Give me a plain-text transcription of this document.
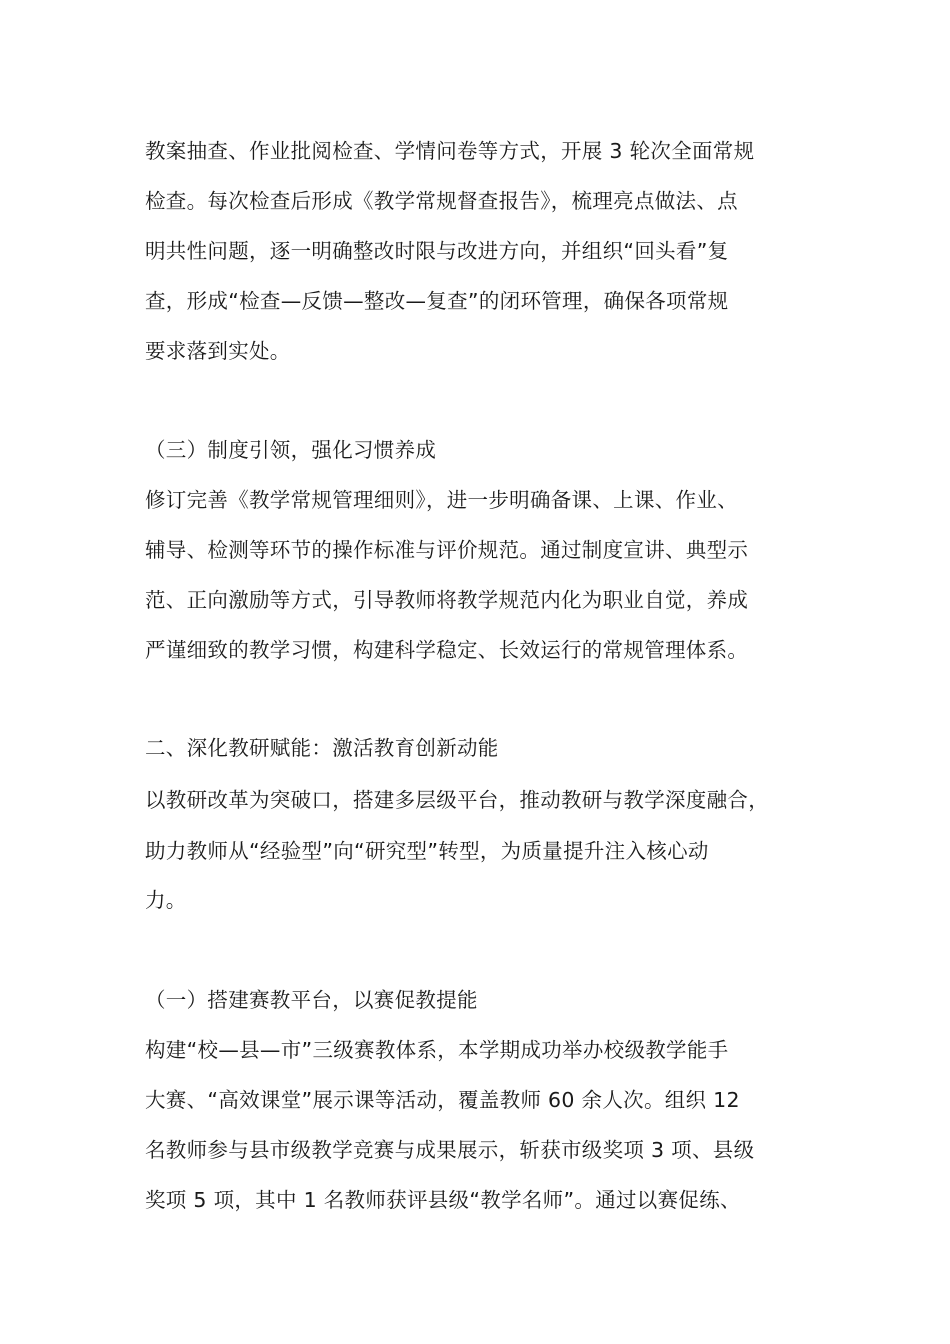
教案抽查、作业批阅检查、学情问卷等方式，开展 3 轮次全面常规
检查。每次检查后形成《教学常规督查报告》，梳理亮点做法、点
明共性问题，逐一明确整改时限与改进方向，并组织“回头看”复
查，形成“检查—反馈—整改—复查”的闭环管理，确保各项常规
要求落到实处。
（三）制度引领，强化习惯养成
修订完善《教学常规管理细则》，进一步明确备课、上课、作业、
辅导、检测等环节的操作标准与评价规范。通过制度宣讲、典型示
范、正向激励等方式，引导教师将教学规范内化为职业自觉，养成
严谨细致的教学习惯，构建科学稳定、长效运行的常规管理体系。
二、深化教研赋能：激活教育创新动能
以教研改革为突破口，搭建多层级平台，推动教研与教学深度融合，
助力教师从“经验型”向“研究型”转型，为质量提升注入核心动
力。
（一）搭建赛教平台，以赛促教提能
构建“校—县—市”三级赛教体系，本学期成功举办校级教学能手
大赛、“高效课堂”展示课等活动，覆盖教师 60 余人次。组织 12
名教师参与县市级教学竞赛与成果展示，斩获市级奖项 3 项、县级
奖项 5 项，其中 1 名教师获评县级“教学名师”。通过以赛促练、
